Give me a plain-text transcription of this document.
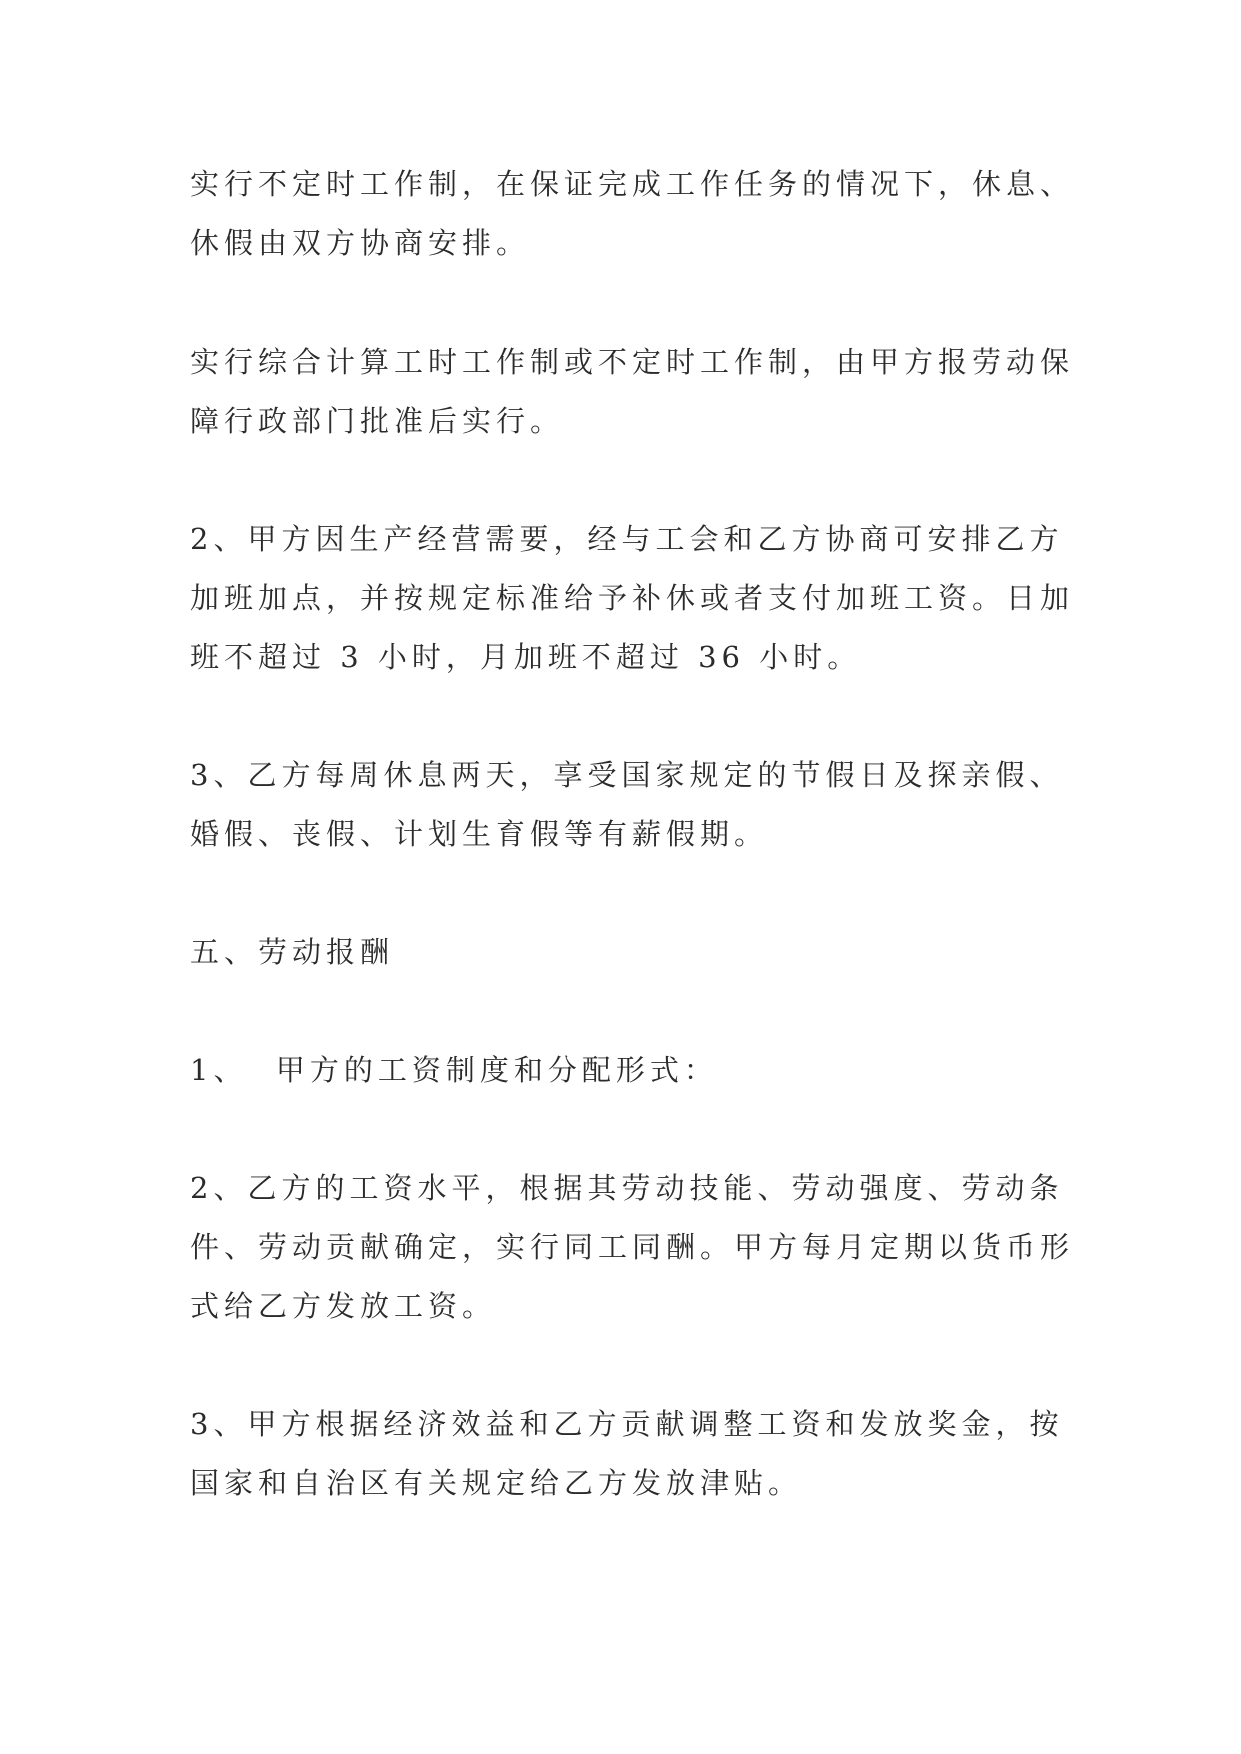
实行不定时工作制，在保证完成工作任务的情况下，休息、

休假由双方协商安排。

实行综合计算工时工作制或不定时工作制，由甲方报劳动保

障行政部门批准后实行。

2、甲方因生产经营需要，经与工会和乙方协商可安排乙方

加班加点，并按规定标准给予补休或者支付加班工资。日加

班不超过 3 小时，月加班不超过 36 小时。

3、乙方每周休息两天，享受国家规定的节假日及探亲假、

婚假、丧假、计划生育假等有薪假期。

五、劳动报酬

1、  甲方的工资制度和分配形式：

2、乙方的工资水平，根据其劳动技能、劳动强度、劳动条

件、劳动贡献确定，实行同工同酬。甲方每月定期以货币形

式给乙方发放工资。

3、甲方根据经济效益和乙方贡献调整工资和发放奖金，按

国家和自治区有关规定给乙方发放津贴。
